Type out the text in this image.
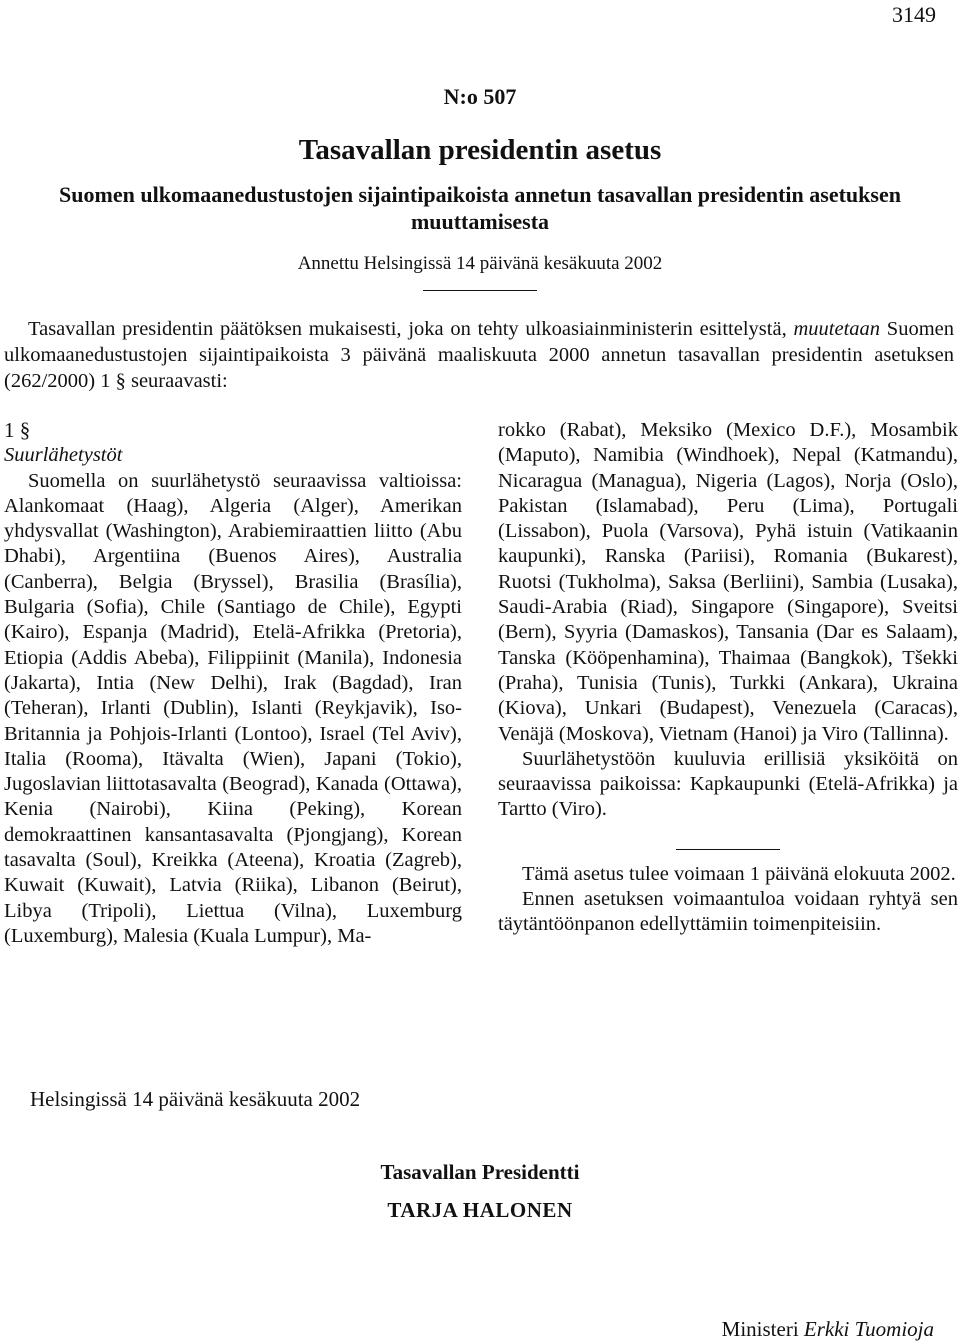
3149
N:o 507
Tasavallan presidentin asetus
Suomen ulkomaanedustustojen sijaintipaikoista annetun tasavallan presidentin asetuksen muuttamisesta
Annettu Helsingissä 14 päivänä kesäkuuta 2002

Tasavallan presidentin päätöksen mukaisesti, joka on tehty ulkoasiainministerin esittelystä, muutetaan Suomen ulkomaanedustustojen sijaintipaikoista 3 päivänä maaliskuuta 2000 annetun tasavallan presidentin asetuksen (262/2000) 1 § seuraavasti:

1 §

Suurlähetystöt

Suomella on suurlähetystö seuraavissa valtioissa: Alankomaat (Haag), Algeria (Alger), Amerikan yhdysvallat (Washington), Arabiemiraattien liitto (Abu Dhabi), Argentiina (Buenos Aires), Australia (Canberra), Belgia (Bryssel), Brasilia (Brasília), Bulgaria (Sofia), Chile (Santiago de Chile), Egypti (Kairo), Espanja (Madrid), Etelä-Afrikka (Pretoria), Etiopia (Addis Abeba), Filippiinit (Manila), Indonesia (Jakarta), Intia (New Delhi), Irak (Bagdad), Iran (Teheran), Irlanti (Dublin), Islanti (Reykjavik), Iso-Britannia ja Pohjois-Irlanti (Lontoo), Israel (Tel Aviv), Italia (Rooma), Itävalta (Wien), Japani (Tokio), Jugoslavian liittotasavalta (Beograd), Kanada (Ottawa), Kenia (Nairobi), Kiina (Peking), Korean demokraattinen kansantasavalta (Pjongjang), Korean tasavalta (Soul), Kreikka (Ateena), Kroatia (Zagreb), Kuwait (Kuwait), Latvia (Riika), Libanon (Beirut), Libya (Tripoli), Liettua (Vilna), Luxemburg (Luxemburg), Malesia (Kuala Lumpur), Ma-

rokko (Rabat), Meksiko (Mexico D.F.), Mosambik (Maputo), Namibia (Windhoek), Nepal (Katmandu), Nicaragua (Managua), Nigeria (Lagos), Norja (Oslo), Pakistan (Islamabad), Peru (Lima), Portugali (Lissabon), Puola (Varsova), Pyhä istuin (Vatikaanin kaupunki), Ranska (Pariisi), Romania (Bukarest), Ruotsi (Tukholma), Saksa (Berliini), Sambia (Lusaka), Saudi-Arabia (Riad), Singapore (Singapore), Sveitsi (Bern), Syyria (Damaskos), Tansania (Dar es Salaam), Tanska (Kööpenhamina), Thaimaa (Bangkok), Tšekki (Praha), Tunisia (Tunis), Turkki (Ankara), Ukraina (Kiova), Unkari (Budapest), Venezuela (Caracas), Venäjä (Moskova), Vietnam (Hanoi) ja Viro (Tallinna).

Suurlähetystöön kuuluvia erillisiä yksiköitä on seuraavissa paikoissa: Kapkaupunki (Etelä-Afrikka) ja Tartto (Viro).

Tämä asetus tulee voimaan 1 päivänä elokuuta 2002.

Ennen asetuksen voimaantuloa voidaan ryhtyä sen täytäntöönpanon edellyttämiin toimenpiteisiin.

Helsingissä 14 päivänä kesäkuuta 2002
Tasavallan Presidentti
TARJA HALONEN
Ministeri Erkki Tuomioja
